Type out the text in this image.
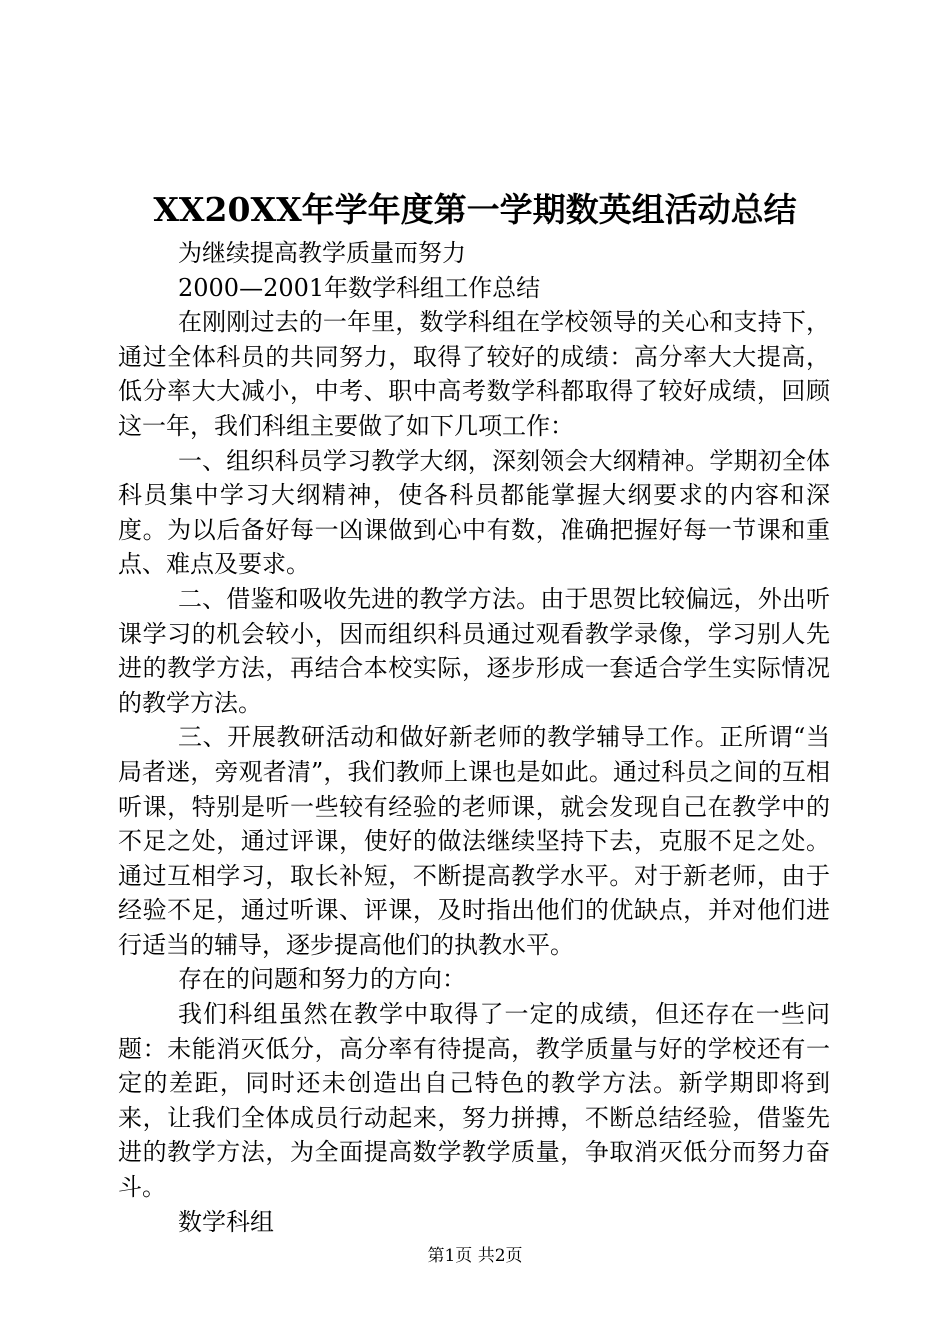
XX20XX年学年度第一学期数英组活动总结

为继续提高教学质量而努力

2000—2001年数学科组工作总结

在刚刚过去的一年里，数学科组在学校领导的关心和支持下，通过全体科员的共同努力，取得了较好的成绩：高分率大大提高，低分率大大减小，中考、职中高考数学科都取得了较好成绩，回顾这一年，我们科组主要做了如下几项工作：

一、组织科员学习教学大纲，深刻领会大纲精神。学期初全体科员集中学习大纲精神，使各科员都能掌握大纲要求的内容和深度。为以后备好每一凶课做到心中有数，准确把握好每一节课和重点、难点及要求。

二、借鉴和吸收先进的教学方法。由于思贺比较偏远，外出听课学习的机会较小，因而组织科员通过观看教学录像，学习别人先进的教学方法，再结合本校实际，逐步形成一套适合学生实际情况的教学方法。

三、开展教研活动和做好新老师的教学辅导工作。正所谓“当局者迷，旁观者清”，我们教师上课也是如此。通过科员之间的互相听课，特别是听一些较有经验的老师课，就会发现自己在教学中的不足之处，通过评课，使好的做法继续坚持下去，克服不足之处。通过互相学习，取长补短，不断提高教学水平。对于新老师，由于经验不足，通过听课、评课，及时指出他们的优缺点，并对他们进行适当的辅导，逐步提高他们的执教水平。

存在的问题和努力的方向：

我们科组虽然在教学中取得了一定的成绩，但还存在一些问题：未能消灭低分，高分率有待提高，教学质量与好的学校还有一定的差距，同时还未创造出自己特色的教学方法。新学期即将到来，让我们全体成员行动起来，努力拼搏，不断总结经验，借鉴先进的教学方法，为全面提高数学教学质量，争取消灭低分而努力奋斗。

数学科组

第1页 共2页
